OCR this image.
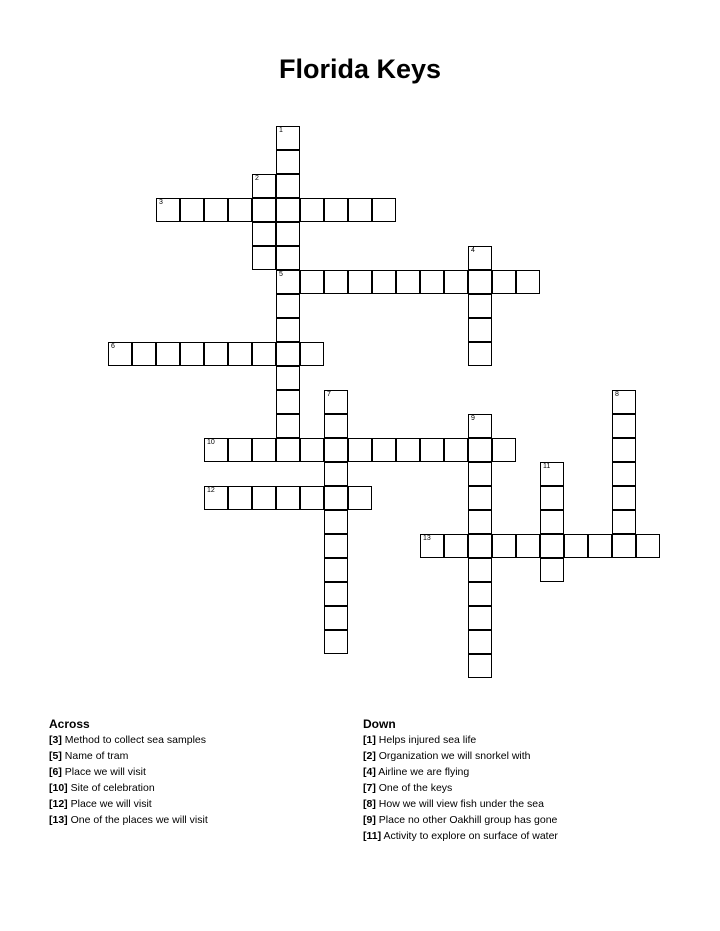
Florida Keys
1
5
2
3
4
6
7	8
9
10
11
12
13
Across
[3] Method to collect sea samples
[5] Name of tram
[6] Place we will visit
[10] Site of celebration
[12] Place we will visit
[13] One of the places we will visit
Down
[1] Helps injured sea life
[2] Organization we will snorkel with
[4] Airline we are flying
[7] One of the keys
[8] How we will view fish under the sea
[9] Place no other Oakhill group has gone
[11] Activity to explore on surface of water
